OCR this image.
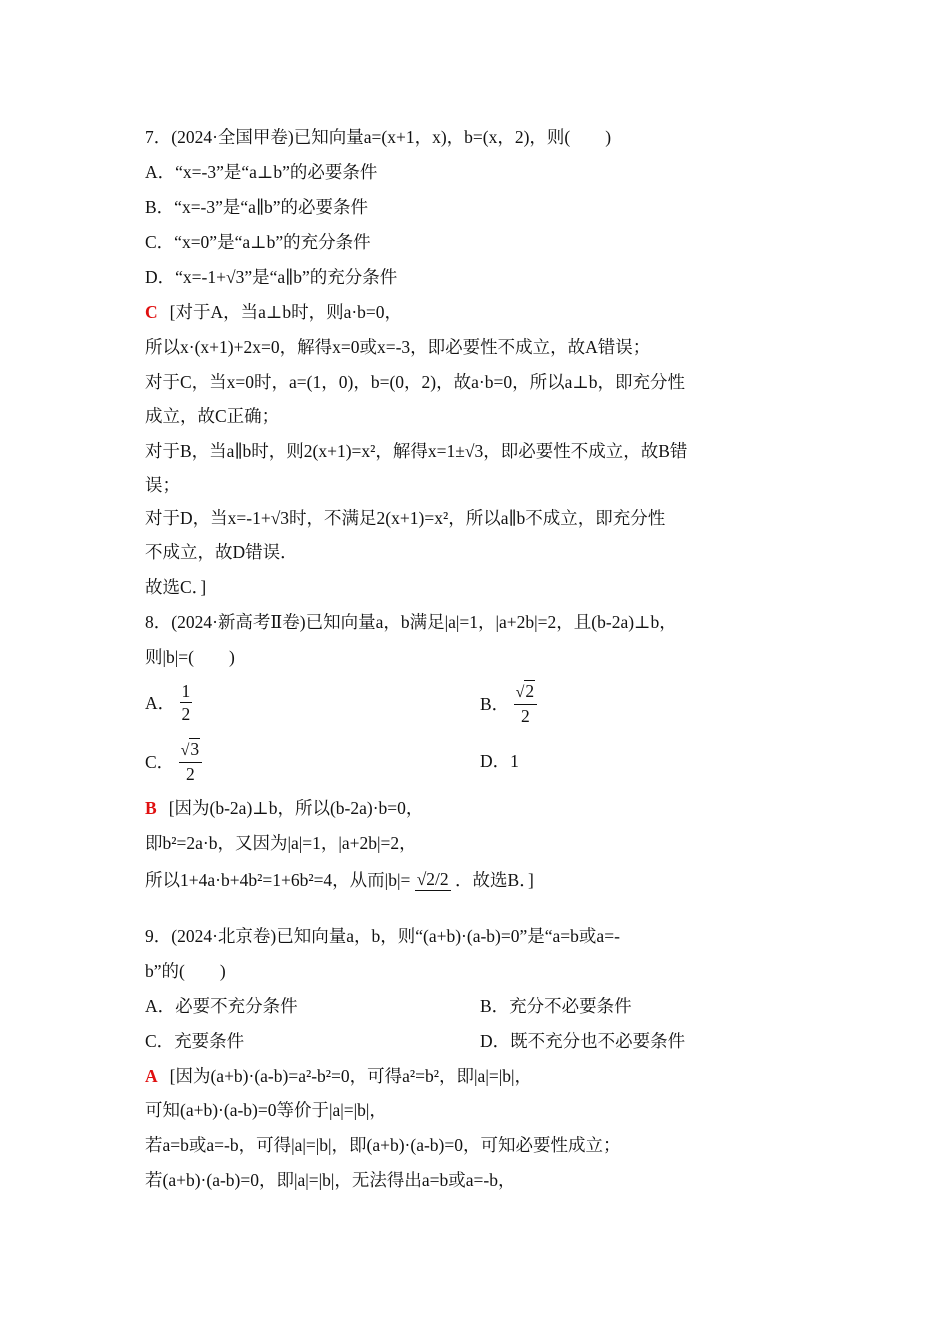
7．(2024·全国甲卷)已知向量a=(x+1，x)，b=(x，2)，则(　　)
A．“x=-3”是“a⊥b”的必要条件
B．“x=-3”是“a∥b”的必要条件
C．“x=0”是“a⊥b”的充分条件
D．“x=-1+√3”是“a∥b”的充分条件
C [对于A，当a⊥b时，则a·b=0，
所以x·(x+1)+2x=0，解得x=0或x=-3，即必要性不成立，故A错误；
对于C，当x=0时，a=(1，0)，b=(0，2)，故a·b=0，所以a⊥b，即充分性
成立，故C正确；
对于B，当a∥b时，则2(x+1)=x²，解得x=1±√3，即必要性不成立，故B错
误；
对于D，当x=-1+√3时，不满足2(x+1)=x²，所以a∥b不成立，即充分性
不成立，故D错误．
故选C．]
8．(2024·新高考Ⅱ卷)已知向量a，b满足|a|=1，|a+2b|=2，且(b-2a)⊥b，
则|b|=(　　)
A． $\frac{1}{2}$	B． $\frac{√2}{2}$
C． $\frac{√3}{2}$	D．1
B [因为(b-2a)⊥b，所以(b-2a)·b=0，
即b²=2a·b，又因为|a|=1，|a+2b|=2，
所以1+4a·b+4b²=1+6b²=4，从而|b|= √2/2 ．故选B．]
9．(2024·北京卷)已知向量a，b，则“(a+b)·(a-b)=0”是“a=b或a=-
b”的(　　)
A．必要不充分条件	B．充分不必要条件
C．充要条件	D．既不充分也不必要条件
A [因为(a+b)·(a-b)=a²-b²=0，可得a²=b²，即|a|=|b|，
可知(a+b)·(a-b)=0等价于|a|=|b|，
若a=b或a=-b，可得|a|=|b|，即(a+b)·(a-b)=0，可知必要性成立；
若(a+b)·(a-b)=0，即|a|=|b|，无法得出a=b或a=-b，
